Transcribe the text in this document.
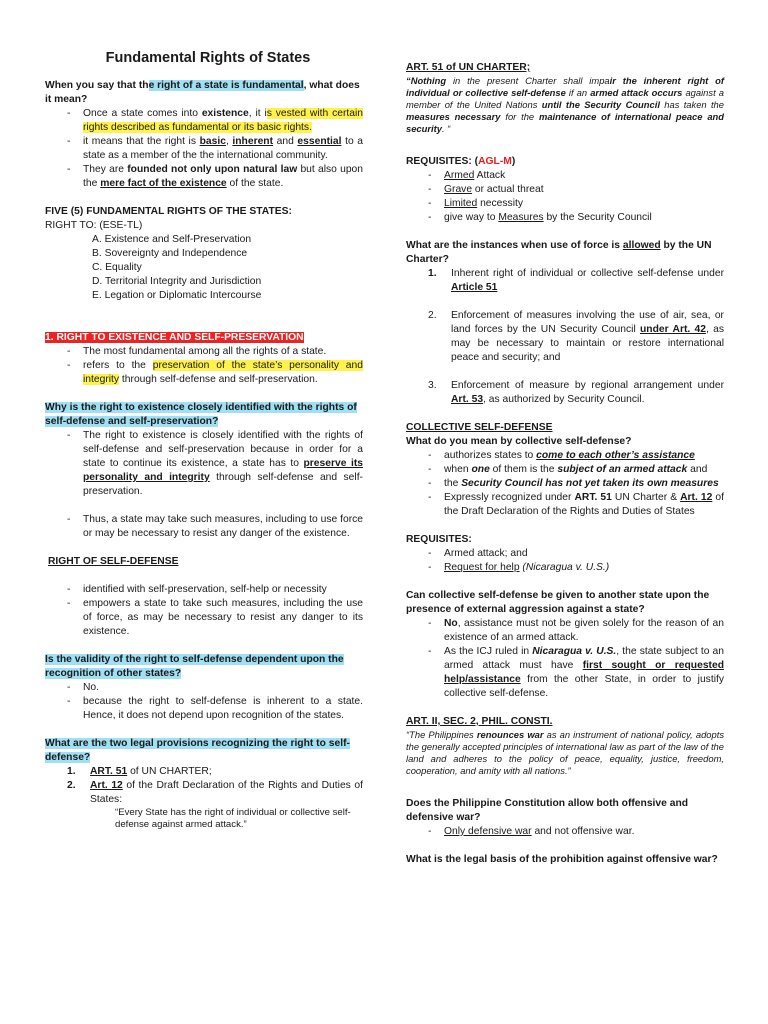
Fundamental Rights of States

When you say that the right of a state is fundamental, what does it mean?

- Once a state comes into existence, it is vested with certain rights described as fundamental or its basic rights.
- it means that the right is basic, inherent and essential to a state as a member of the the international community.
- They are founded not only upon natural law but also upon the mere fact of the existence of the state.

FIVE (5) FUNDAMENTAL RIGHTS OF THE STATES:

RIGHT TO: (ESE-TL)

A. Existence and Self-Preservation
B. Sovereignty and Independence
C. Equality
D. Territorial Integrity and Jurisdiction
E. Legation or Diplomatic Intercourse

1. RIGHT TO EXISTENCE AND SELF-PRESERVATION

- The most fundamental among all the rights of a state.
- refers to the preservation of the state’s personality and integrity through self-defense and self-preservation.

Why is the right to existence closely identified with the rights of self-defense and self-preservation?

- The right to existence is closely identified with the rights of self-defense and self-preservation because in order for a state to continue its existence, a state has to preserve its personality and integrity through self-defense and self-preservation.
- Thus, a state may take such measures, including to use force or may be necessary to resist any danger of the existence.

RIGHT OF SELF-DEFENSE

- identified with self-preservation, self-help or necessity
- empowers a state to take such measures, including the use of force, as may be necessary to resist any danger to its existence.

Is the validity of the right to self-defense dependent upon the recognition of other states?

- No.
- because the right to self-defense is inherent to a state. Hence, it does not depend upon recognition of the states.

What are the two legal provisions recognizing the right to self-defense?

1. ART. 51 of UN CHARTER;
2. Art. 12 of the Draft Declaration of the Rights and Duties of States:

“Every State has the right of individual or collective self-defense against armed attack.”

ART. 51 of UN CHARTER;

“Nothing in the present Charter shall impair the inherent right of individual or collective self-defense if an armed attack occurs against a member of the United Nations until the Security Council has taken the measures necessary for the maintenance of international peace and security. “

REQUISITES: (AGL-M)

- Armed Attack
- Grave or actual threat
- Limited necessity
- give way to Measures by the Security Council

What are the instances when use of force is allowed by the UN Charter?

1. Inherent right of individual or collective self-defense under Article 51
2. Enforcement of measures involving the use of air, sea, or land forces by the UN Security Council under Art. 42, as may be necessary to maintain or restore international peace and security; and
3. Enforcement of measure by regional arrangement under Art. 53, as authorized by Security Council.

COLLECTIVE SELF-DEFENSE

What do you mean by collective self-defense?

- authorizes states to come to each other’s assistance
- when one of them is the subject of an armed attack and
- the Security Council has not yet taken its own measures
- Expressly recognized under ART. 51 UN Charter & Art. 12 of the Draft Declaration of the Rights and Duties of States

REQUISITES:

- Armed attack; and
- Request for help (Nicaragua v. U.S.)

Can collective self-defense be given to another state upon the presence of external aggression against a state?

- No, assistance must not be given solely for the reason of an existence of an armed attack.
- As the ICJ ruled in Nicaragua v. U.S., the state subject to an armed attack must have first sought or requested help/assistance from the other State, in order to justify collective self-defense.

ART. II, SEC. 2, PHIL. CONSTI.

“The Philippines renounces war as an instrument of national policy, adopts the generally accepted principles of international law as part of the law of the land and adheres to the policy of peace, equality, justice, freedom, cooperation, and amity with all nations.”

Does the Philippine Constitution allow both offensive and defensive war?

- Only defensive war and not offensive war.

What is the legal basis of the prohibition against offensive war?
